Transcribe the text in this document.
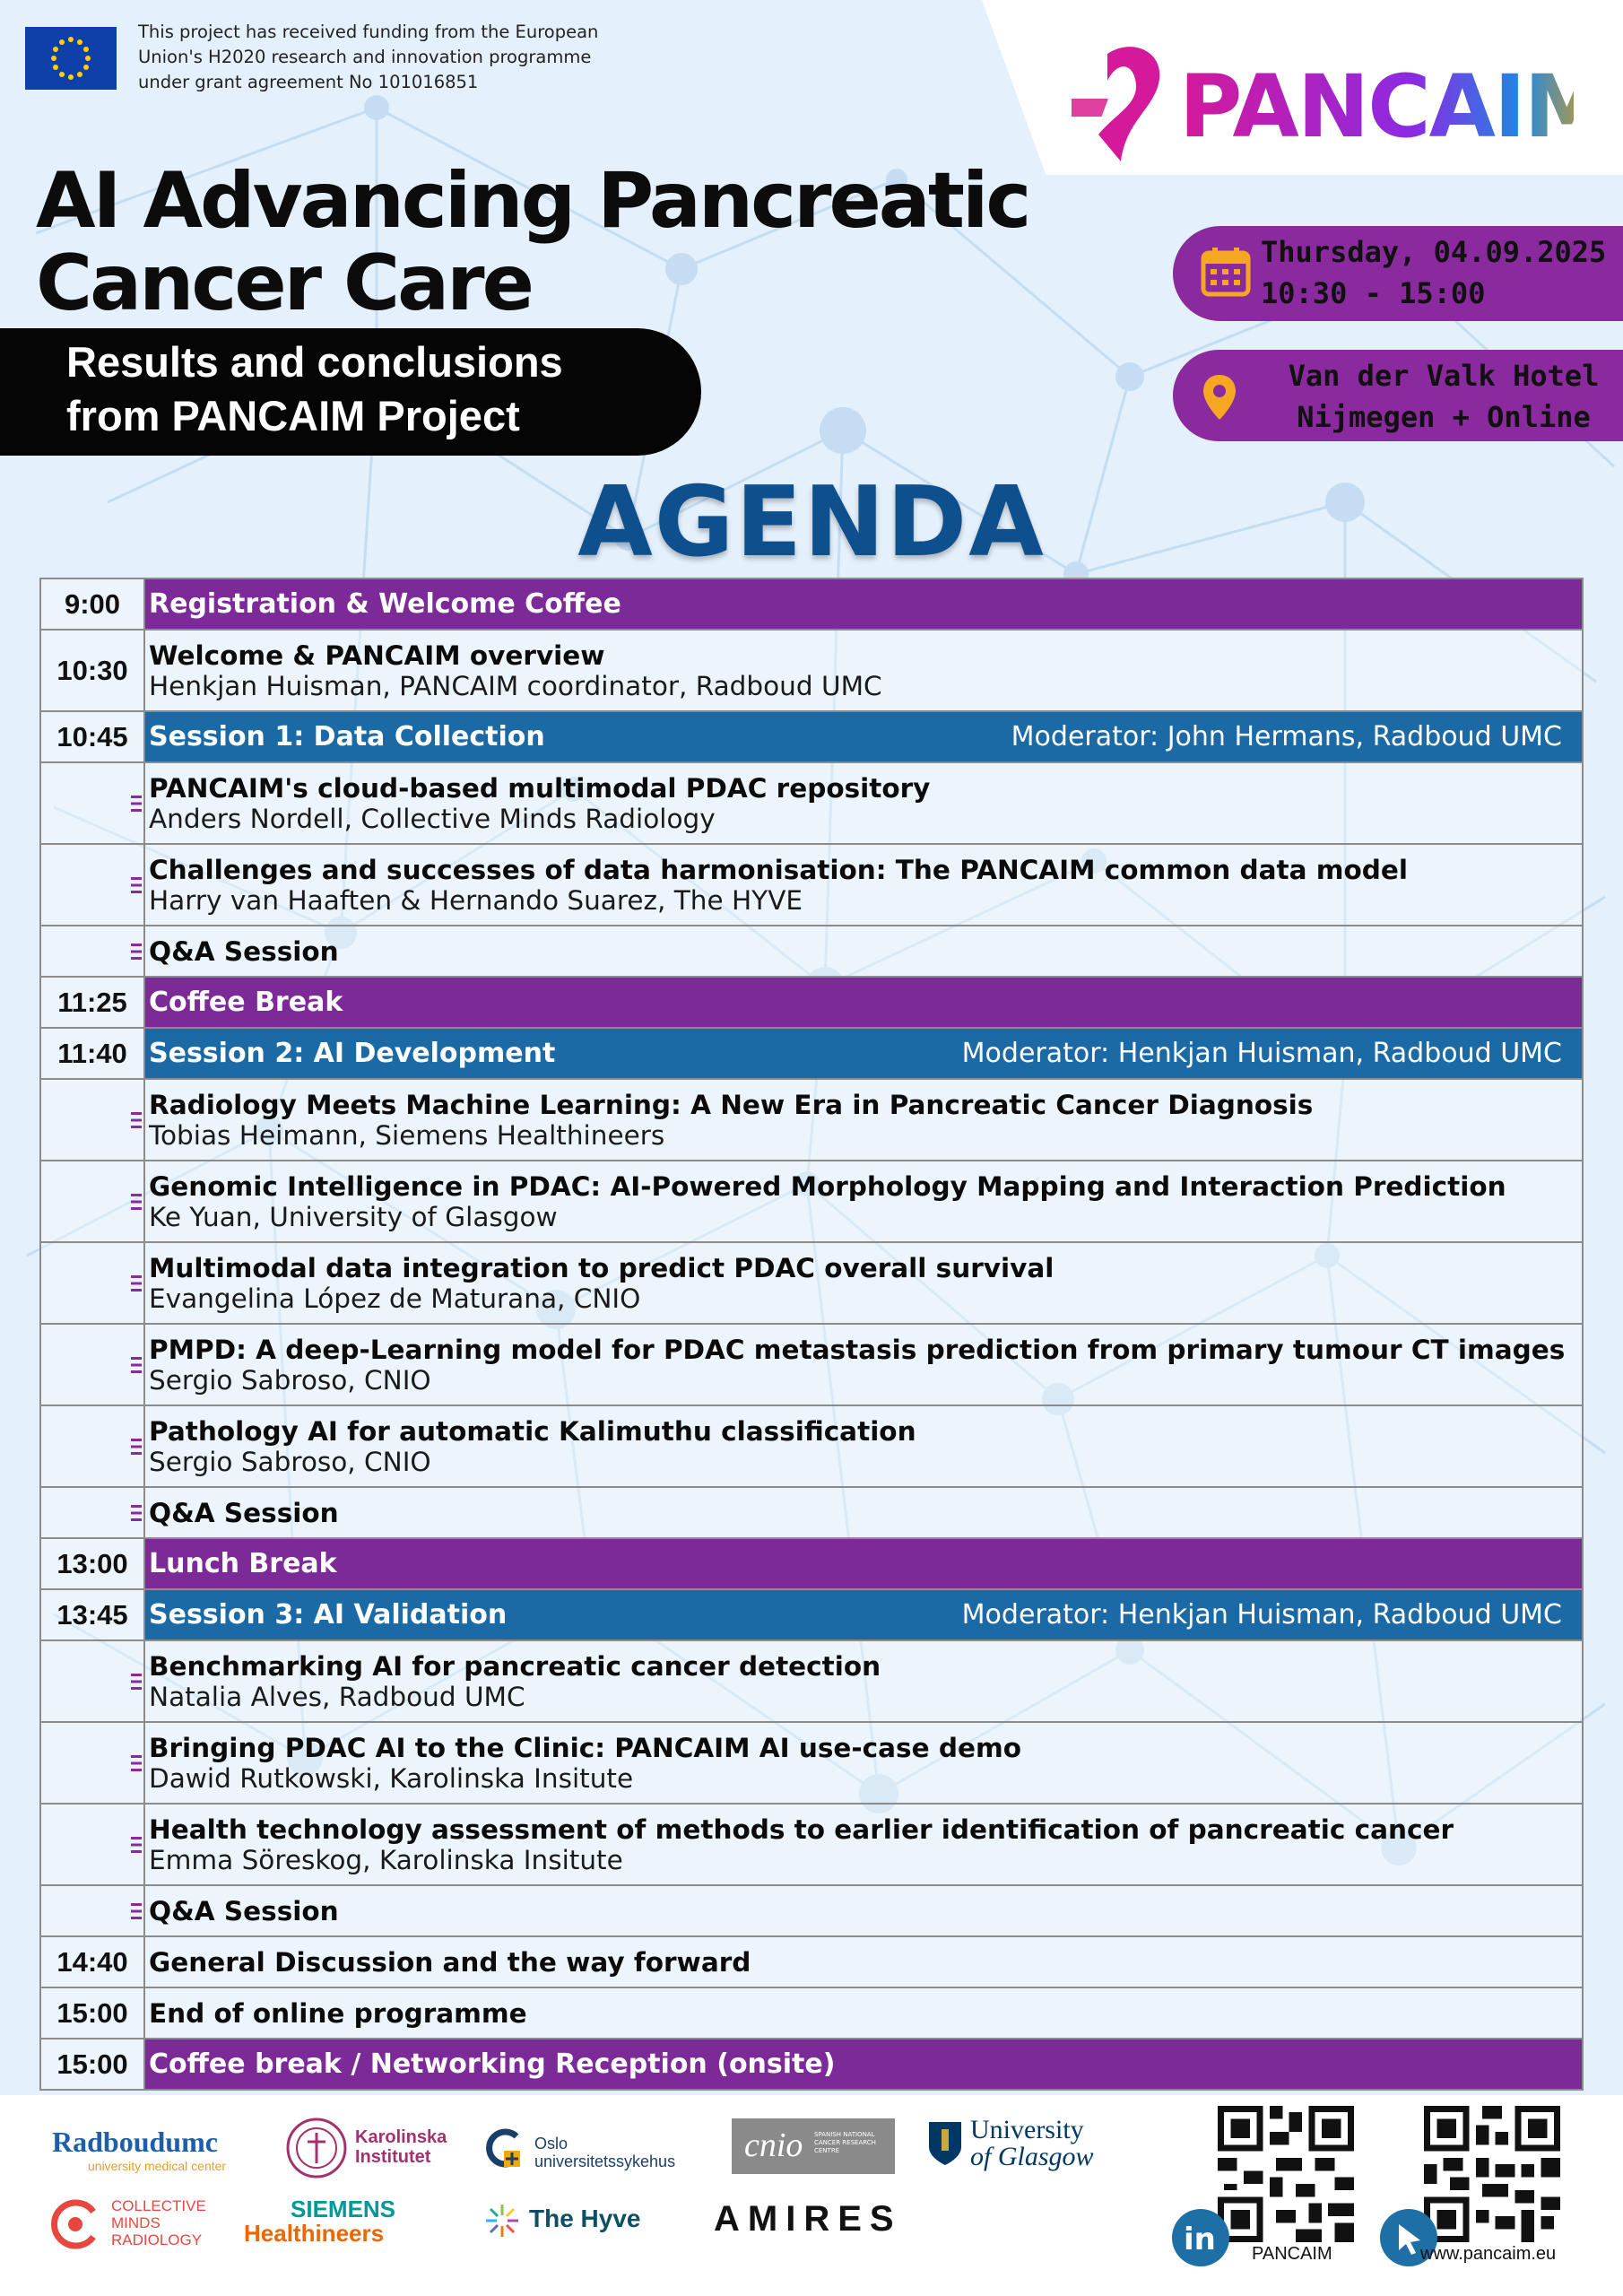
This project has received funding from the European Union's H2020 research and innovation programme under grant agreement No 101016851	PANCAIM
AI Advancing Pancreatic
Cancer Care
Results and conclusions
from PANCAIM Project
Thursday, 04.09.2025
10:30 - 15:00
Van der Valk Hotel
Nijmegen + Online
AGENDA
9:00	Registration & Welcome Coffee

10:30	Welcome & PANCAIM overview
Henkjan Huisman, PANCAIM coordinator, Radboud UMC

10:45	Session 1: Data Collection Moderator: John Hermans, Radboud UMC

	PANCAIM's cloud-based multimodal PDAC repository
Anders Nordell, Collective Minds Radiology

	Challenges and successes of data harmonisation: The PANCAIM common data model
Harry van Haaften & Hernando Suarez, The HYVE

	Q&A Session

11:25	Coffee Break

11:40	Session 2: AI Development Moderator: Henkjan Huisman, Radboud UMC

	Radiology Meets Machine Learning: A New Era in Pancreatic Cancer Diagnosis
Tobias Heimann, Siemens Healthineers

	Genomic Intelligence in PDAC: AI-Powered Morphology Mapping and Interaction Prediction
Ke Yuan, University of Glasgow

	Multimodal data integration to predict PDAC overall survival
Evangelina López de Maturana, CNIO

	PMPD: A deep-Learning model for PDAC metastasis prediction from primary tumour CT images
Sergio Sabroso, CNIO

	Pathology AI for automatic Kalimuthu classification
Sergio Sabroso, CNIO

	Q&A Session

13:00	Lunch Break

13:45	Session 3: AI Validation Moderator: Henkjan Huisman, Radboud UMC

	Benchmarking AI for pancreatic cancer detection
Natalia Alves, Radboud UMC

	Bringing PDAC AI to the Clinic: PANCAIM AI use-case demo
Dawid Rutkowski, Karolinska Insitute

	Health technology assessment of methods to earlier identification of pancreatic cancer
Emma Söreskog, Karolinska Insitute

	Q&A Session

14:40	General Discussion and the way forward

15:00	End of online programme

15:00	Coffee break / Networking Reception (onsite)
Radboudumc
university medical center
Karolinska
Institutet
Oslo
universitetssykehus cnio SPANISH NATIONAL CANCER RESEARCH CENTRE
University
of Glasgow
COLLECTIVE
MINDS
RADIOLOGY
SIEMENS
Healthineers
The Hyve AMIRES
in PANCAIM	www.pancaim.eu
